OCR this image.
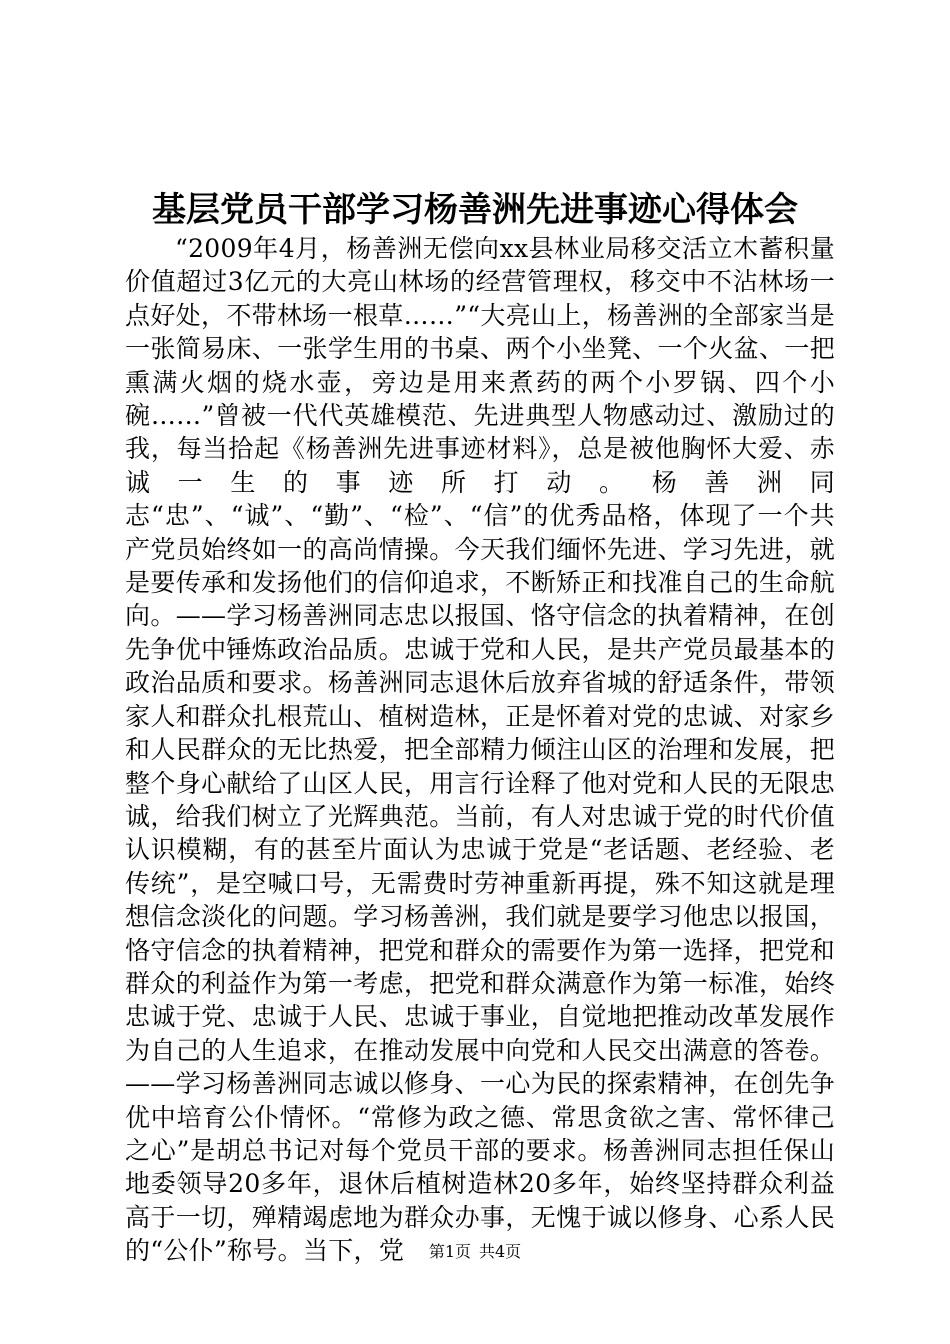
基层党员干部学习杨善洲先进事迹心得体会

“2009年4月，杨善洲无偿向xx县林业局移交活立木蓄积量价值超过3亿元的大亮山林场的经营管理权，移交中不沾林场一点好处，不带林场一根草……”“大亮山上，杨善洲的全部家当是一张简易床、一张学生用的书桌、两个小坐凳、一个火盆、一把熏满火烟的烧水壶，旁边是用来煮药的两个小罗锅、四个小碗……”曾被一代代英雄模范、先进典型人物感动过、激励过的我，每当拾起《杨善洲先进事迹材料》，总是被他胸怀大爱、赤诚一生的事迹所打动。杨善洲同志“忠”、“诚”、“勤”、“检”、“信”的优秀品格，体现了一个共产党员始终如一的高尚情操。今天我们缅怀先进、学习先进，就是要传承和发扬他们的信仰追求，不断矫正和找准自己的生命航向。——学习杨善洲同志忠以报国、恪守信念的执着精神，在创先争优中锤炼政治品质。忠诚于党和人民，是共产党员最基本的政治品质和要求。杨善洲同志退休后放弃省城的舒适条件，带领家人和群众扎根荒山、植树造林，正是怀着对党的忠诚、对家乡和人民群众的无比热爱，把全部精力倾注山区的治理和发展，把整个身心献给了山区人民，用言行诠释了他对党和人民的无限忠诚，给我们树立了光辉典范。当前，有人对忠诚于党的时代价值认识模糊，有的甚至片面认为忠诚于党是“老话题、老经验、老传统”，是空喊口号，无需费时劳神重新再提，殊不知这就是理想信念淡化的问题。学习杨善洲，我们就是要学习他忠以报国，恪守信念的执着精神，把党和群众的需要作为第一选择，把党和群众的利益作为第一考虑，把党和群众满意作为第一标准，始终忠诚于党、忠诚于人民、忠诚于事业，自觉地把推动改革发展作为自己的人生追求，在推动发展中向党和人民交出满意的答卷。——学习杨善洲同志诚以修身、一心为民的探索精神，在创先争优中培育公仆情怀。“常修为政之德、常思贪欲之害、常怀律己之心”是胡总书记对每个党员干部的要求。杨善洲同志担任保山地委领导20多年，退休后植树造林20多年，始终坚持群众利益高于一切，殚精竭虑地为群众办事，无愧于诚以修身、心系人民的“公仆”称号。当下，党	第1页 共4页
